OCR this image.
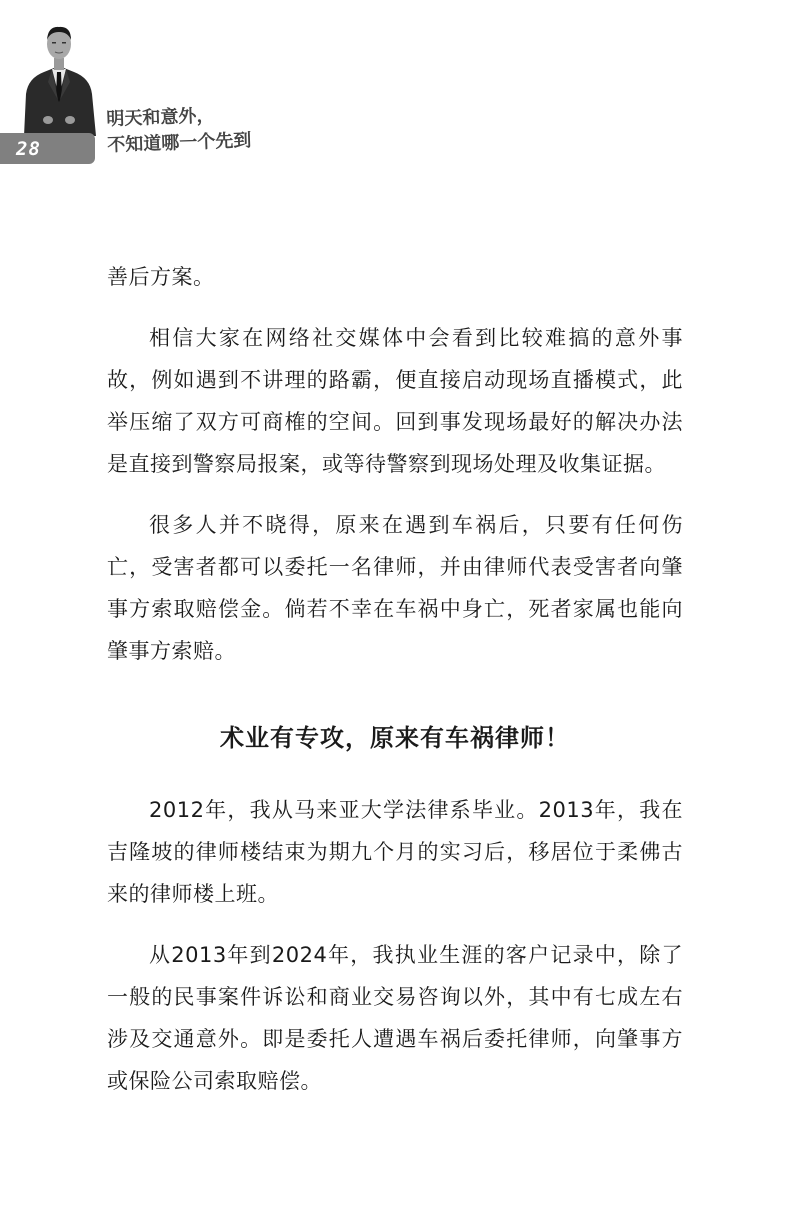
28
明天和意外，
不知道哪一个先到

善后方案。

相信大家在网络社交媒体中会看到比较难搞的意外事故，例如遇到不讲理的路霸，便直接启动现场直播模式，此举压缩了双方可商榷的空间。回到事发现场最好的解决办法是直接到警察局报案，或等待警察到现场处理及收集证据。

很多人并不晓得，原来在遇到车祸后，只要有任何伤亡，受害者都可以委托一名律师，并由律师代表受害者向肇事方索取赔偿金。倘若不幸在车祸中身亡，死者家属也能向肇事方索赔。

术业有专攻，原来有车祸律师！

2012年，我从马来亚大学法律系毕业。2013年，我在吉隆坡的律师楼结束为期九个月的实习后，移居位于柔佛古来的律师楼上班。

从2013年到2024年，我执业生涯的客户记录中，除了一般的民事案件诉讼和商业交易咨询以外，其中有七成左右涉及交通意外。即是委托人遭遇车祸后委托律师，向肇事方或保险公司索取赔偿。
